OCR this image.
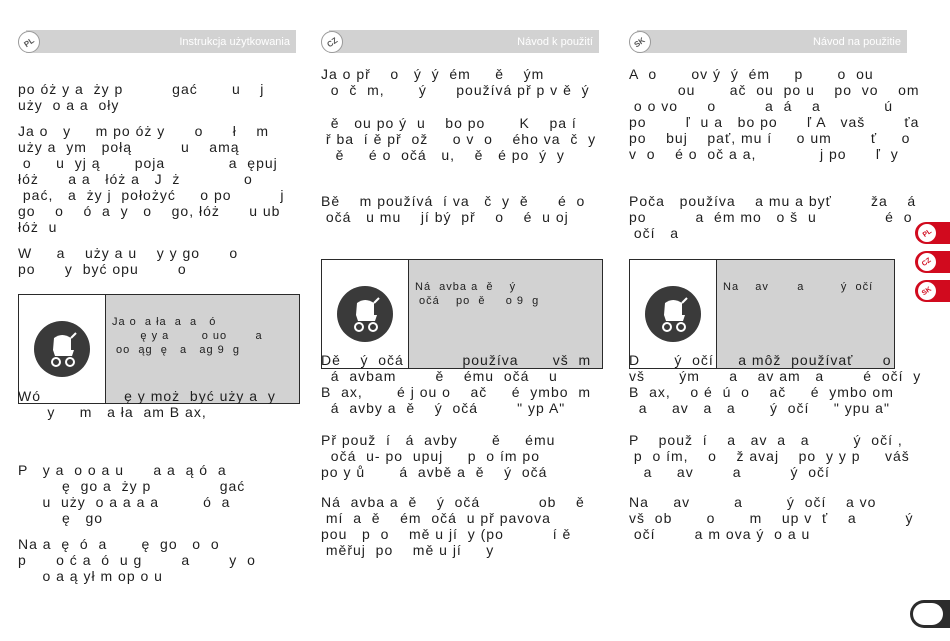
PL	Instrukcja użytkowania

po óż y a  ży p          gać       u    j
uży  o a a  oły

Ja o   y     m po óż y      o      ł    m
uży a  ym   połą          u    amą
o     u  yj ą       poja             a  ępuj
łóż      a a   łóż a   J  ż             o
pać,   a  ży j  położyć     o po          j
go    o    ó  a  y   o    go, łóż      u ub
łóż  u

W     a    uży a u    y y go      o
po      y  być opu        o

Ja o  a ła  a  a   ó
ę y a        o uo       a
oo  ąg  ę   a   ag 9  g

Wó                 ę y moż  być uży a  y
y     m   a ła  am B ax,

P   y a  o o a u      a a  ą ó  a
ę  go a  ży p              gać
u  uży  o a a a a         ó  a
ę   go

Na a  ę  ó  a       ę  go   o  o
p      o ć a  ó  u g        a        y  o
o a ą ył m op o u

CZ	Návod k použití

Ja o př    o   ý  ý  ém     ě    ým
o  č  m,       ý      používá př p v ě  ý

ě   ou po ý  u    bo po       K    pa í
ř ba  í ě př  ož     o v  o    ého va  č  y
ě     é o  očá   u,    ě   é po  ý  y

Bě    m používá  í va   č  y  ě      é  o
očá   u mu    jí bý  př    o    é  u oj

Ná  avba a  ě    ý
očá    po  ě     o 9  g

Dě    ý  očá            používa       vš  m
á  avbam        ě    ému  očá    u
B  ax,       é j ou o    ač     é  ymbo  m
á  avby a  ě    ý  očá        " yp A"

Př použ  í   á  avby       ě     ému
očá  u- po  upuj     p  o ím po
po y ů       á  avbě a  ě    ý  očá

Ná  avba a  ě    ý  očá            ob    ě
mí  a  ě    ém  očá  u př pavova
pou   p  o    mě u jí  y (po          í ě
měřuj  po    mě u jí     y

SK	Návod na použitie

A  o       ov ý  ý  ém     p       o  ou
ou       ač  ou  po u    po  vo    om
o o vo      o          a  á    a             ú
po        ľ  u a   bo po      ľ A   vaš        ťa
po    buj    pať, mu í     o um        ť     o
v  o    é o  oč a a,             j po      ľ  y

Poča   používa    a mu a byť        ža    á
po          a  ém mo   o š  u              é  o
očí   a

Na    av       a         ý  očí

D       ý  očí     a môž  používať      o
vš       ým      a    av am   a        é  očí  y
B  ax,    o é  ú  o    ač     é  ymbo om
a     av   a   a       ý  očí     " ypu a"

P    použ  í    a   av  a   a         ý  očí ,
p  o ím,    o    ž avaj    po  y y p     váš
a     av        a          ý  očí

Na     av         a         ý  očí    a vo
vš  ob       o       m    up v  ť    a          ý
očí        a m ova ý  o a u

PL
CZ
SK
